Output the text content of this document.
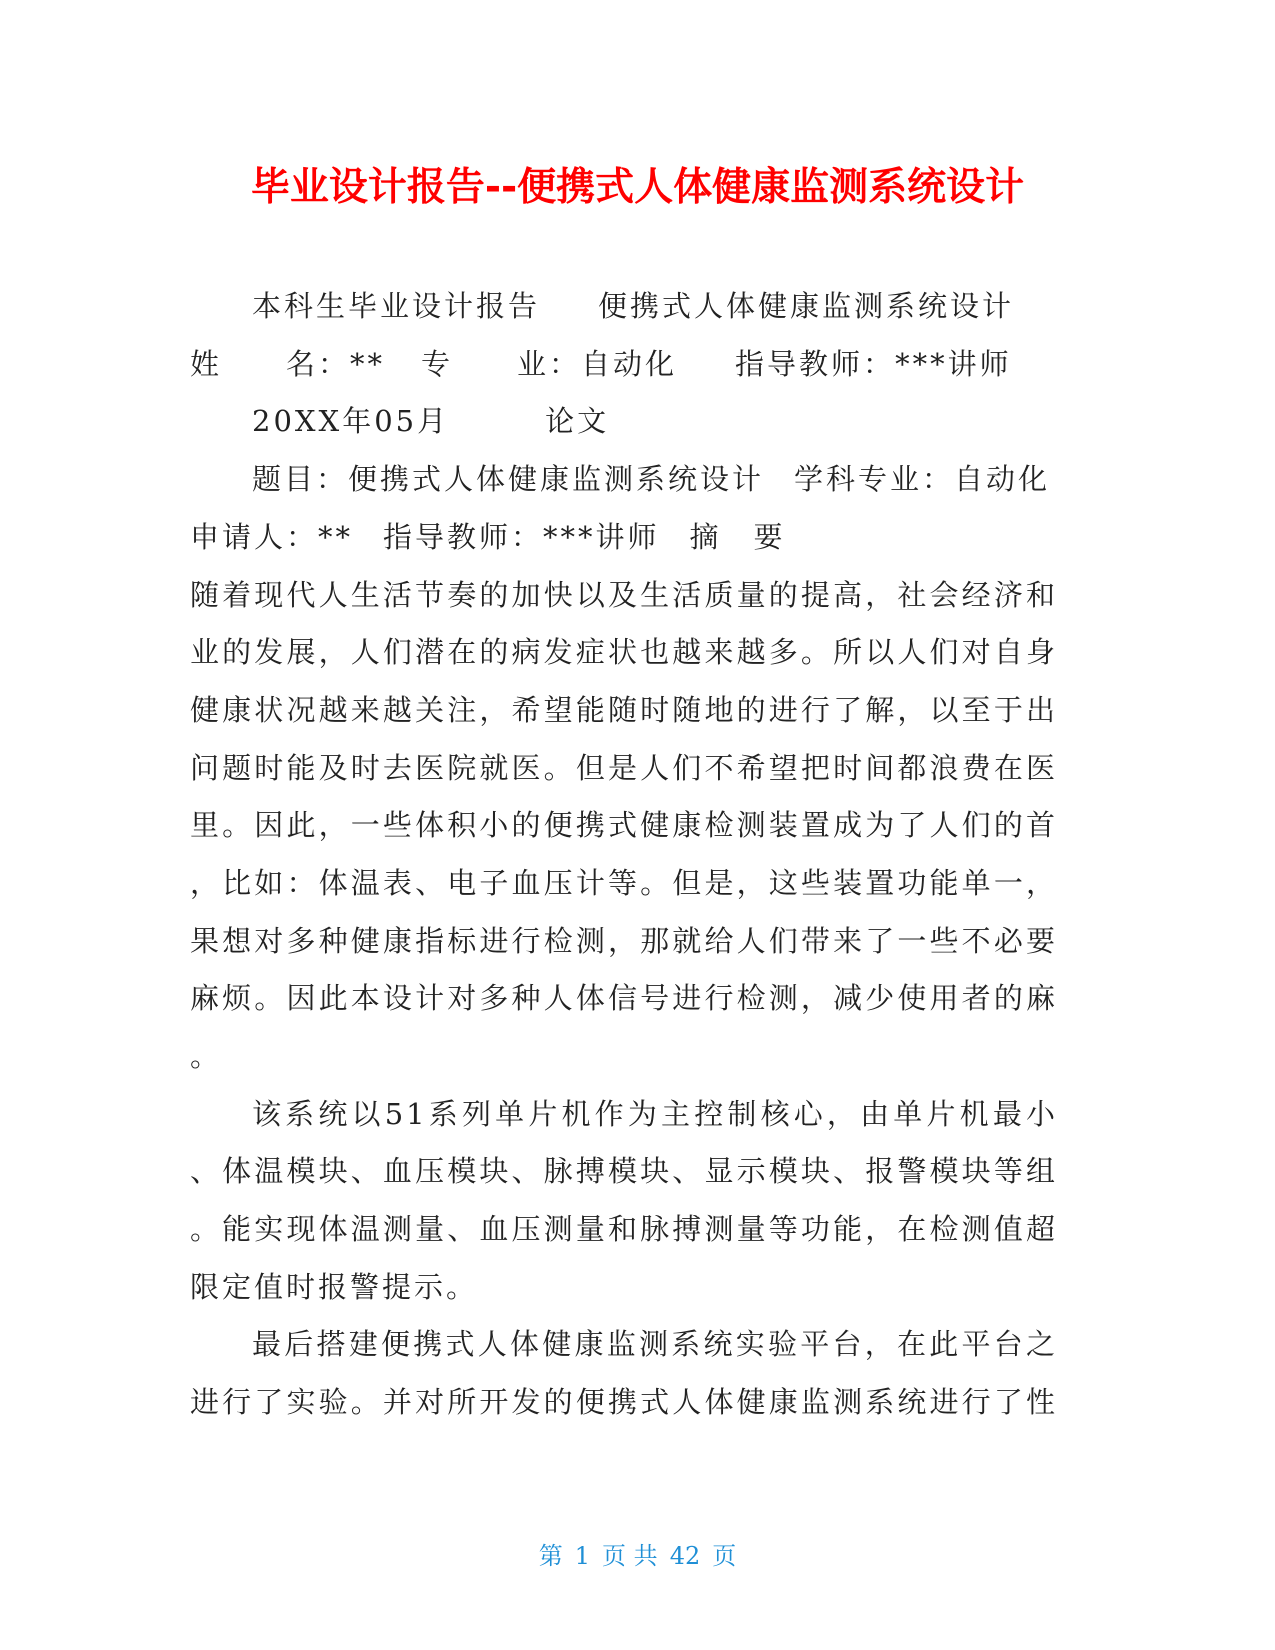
毕业设计报告--便携式人体健康监测系统设计
本科生毕业设计报告 便携式人体健康监测系统设计
姓　　名：** 专　　业：自动化 指导教师：***讲师
20XX年05月	论文
题目：便携式人体健康监测系统设计 学科专业：自动化
申请人：** 指导教师：***讲师 摘　要
随着现代人生活节奏的加快以及生活质量的提高，社会经济和
业的发展，人们潜在的病发症状也越来越多。所以人们对自身
健康状况越来越关注，希望能随时随地的进行了解，以至于出
问题时能及时去医院就医。但是人们不希望把时间都浪费在医
里。因此，一些体积小的便携式健康检测装置成为了人们的首
，比如：体温表、电子血压计等。但是，这些装置功能单一，
果想对多种健康指标进行检测，那就给人们带来了一些不必要
麻烦。因此本设计对多种人体信号进行检测，减少使用者的麻
。
该系统以51系列单片机作为主控制核心，由单片机最小
、体温模块、血压模块、脉搏模块、显示模块、报警模块等组
。能实现体温测量、血压测量和脉搏测量等功能，在检测值超
限定值时报警提示。
最后搭建便携式人体健康监测系统实验平台，在此平台之
进行了实验。并对所开发的便携式人体健康监测系统进行了性
第 1 页 共 42 页
